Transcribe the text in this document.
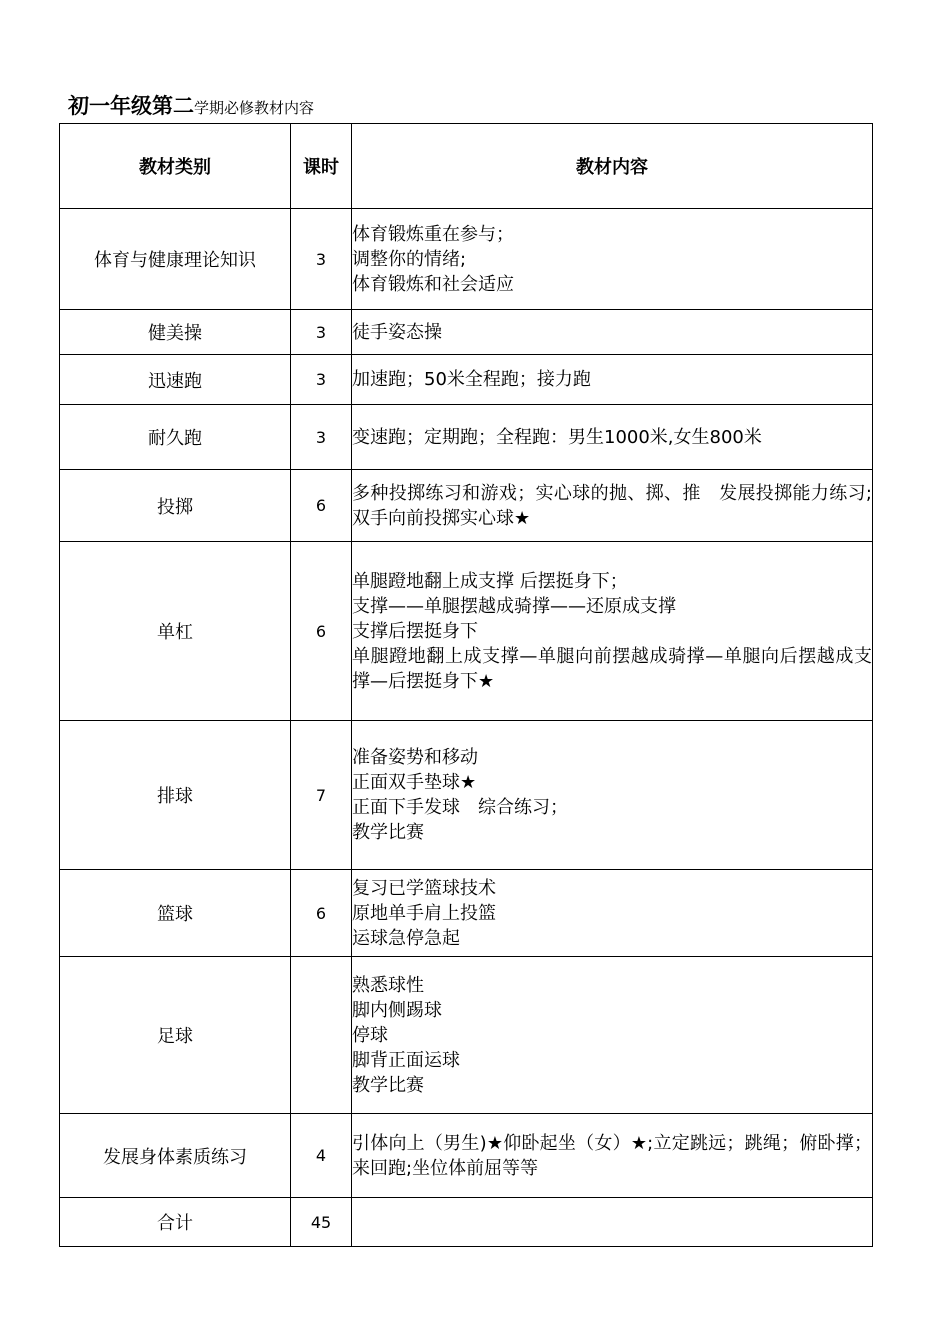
初一年级第二学期必修教材内容
教材类别	课时	教材内容
体育与健康理论知识	3	体育锻炼重在参与；
调整你的情绪;
体育锻炼和社会适应

健美操	3	徒手姿态操

迅速跑	3	加速跑；50米全程跑；接力跑

耐久跑	3	变速跑；定期跑；全程跑：男生1000米,女生800米

投掷	6	多种投掷练习和游戏；实心球的抛、掷、推　发展投掷能力练习;双手向前投掷实心球★

单杠	6	单腿蹬地翻上成支撑 后摆挺身下；
支撑——单腿摆越成骑撑——还原成支撑
支撑后摆挺身下
单腿蹬地翻上成支撑—单腿向前摆越成骑撑—单腿向后摆越成支撑—后摆挺身下★

排球	7	准备姿势和移动
正面双手垫球★
正面下手发球　综合练习；
教学比赛

篮球	6	复习已学篮球技术
原地单手肩上投篮
运球急停急起

足球		熟悉球性
脚内侧踢球
停球
脚背正面运球
教学比赛

发展身体素质练习	4	引体向上（男生)★仰卧起坐（女）★;立定跳远；跳绳；俯卧撑；来回跑;坐位体前屈等等

合计	45	
